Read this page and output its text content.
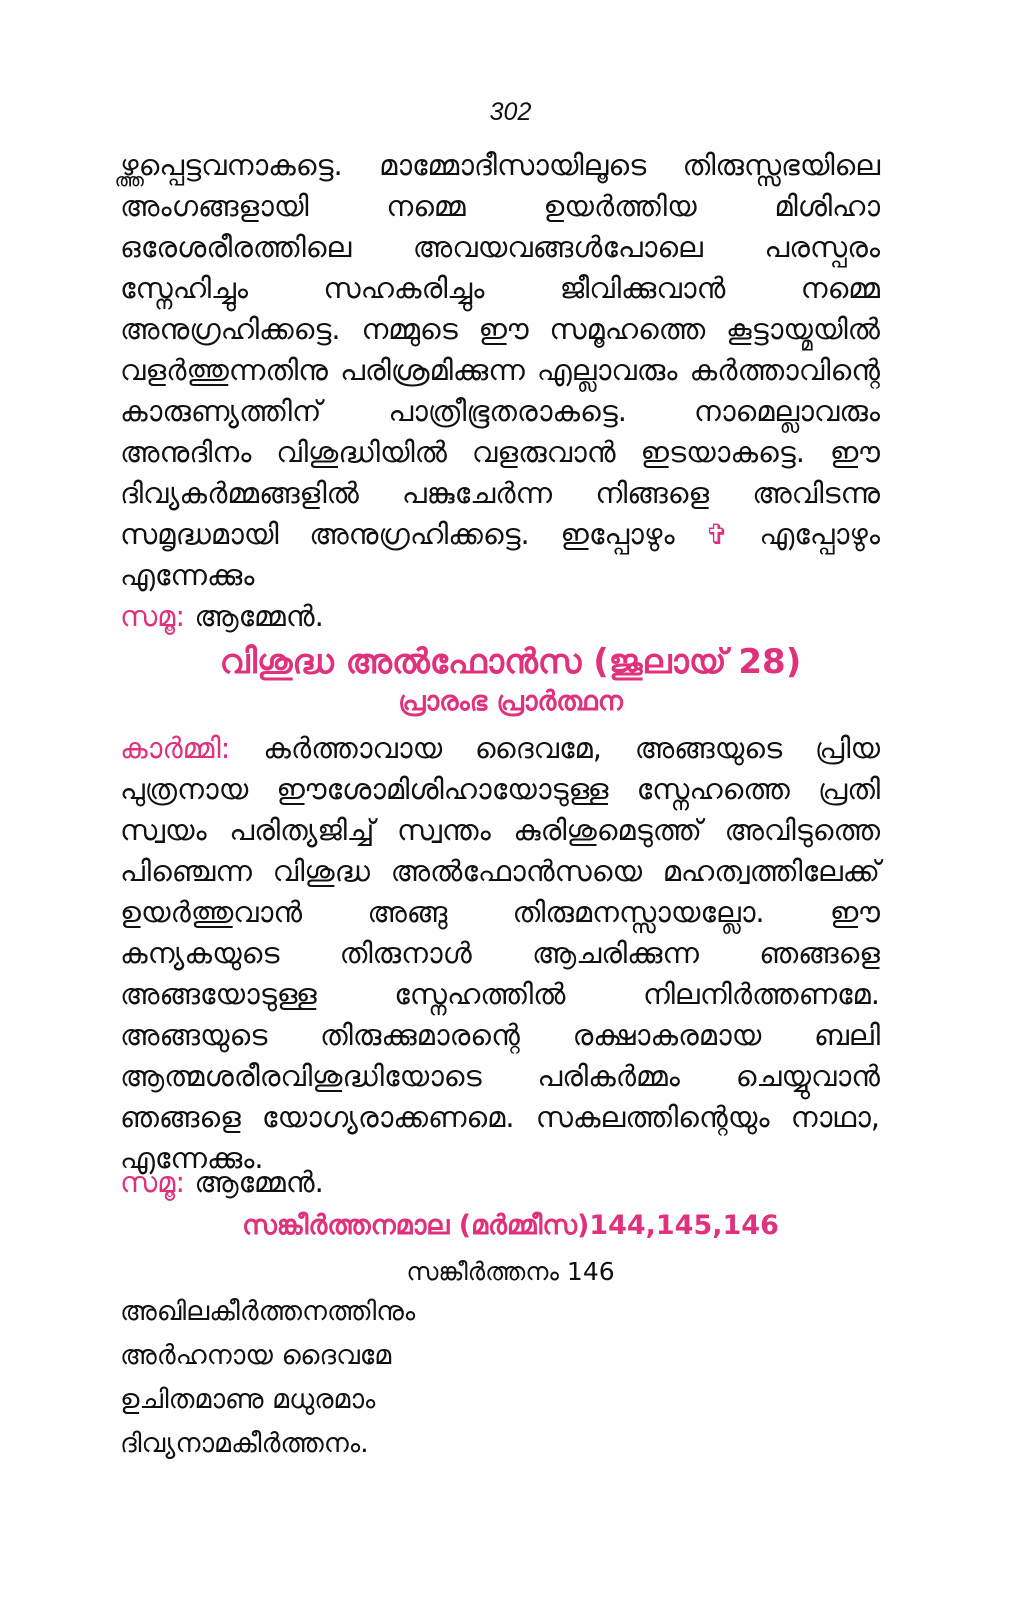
302
ഴ്ത്തപ്പെട്ടവനാകട്ടെ. മാമ്മോദീസായിലൂടെ തിരുസ്സഭയിലെ അംഗങ്ങളായി നമ്മെ ഉയർത്തിയ മിശിഹാ ഒരേശരീരത്തിലെ അവയവങ്ങൾപോലെ പരസ്പരം സ്നേഹിച്ചും സഹകരിച്ചും ജീവിക്കുവാൻ നമ്മെ അനുഗ്രഹിക്കട്ടെ. നമ്മുടെ ഈ സമൂഹത്തെ കൂട്ടായ്മയിൽ വളർത്തുന്നതിനു പരിശ്രമിക്കുന്ന എല്ലാവരും കർത്താവിന്റെ കാരുണ്യത്തിന് പാത്രീഭൂതരാകട്ടെ. നാമെല്ലാവരും അനുദിനം വിശുദ്ധിയിൽ വളരുവാൻ ഇടയാകട്ടെ. ഈ ദിവ്യകർമ്മങ്ങളിൽ പങ്കുചേർന്ന നിങ്ങളെ അവിടന്നു സമൃദ്ധമായി അനുഗ്രഹിക്കട്ടെ. ഇപ്പോഴും ✞ എപ്പോഴും എന്നേക്കും
സമൂ: ആമ്മേൻ.
വിശുദ്ധ അൽഫോൻസ (ജൂലായ് 28)
പ്രാരംഭ പ്രാർത്ഥന
കാർമ്മി: കർത്താവായ ദൈവമേ, അങ്ങയുടെ പ്രിയ പുത്രനായ ഈശോമിശിഹായോടുള്ള സ്നേഹത്തെ പ്രതി സ്വയം പരിത്യജിച്ച് സ്വന്തം കുരിശുമെടുത്ത് അവിടുത്തെ പിഞ്ചെന്ന വിശുദ്ധ അൽഫോൻസയെ മഹത്വത്തിലേക്ക് ഉയർത്തുവാൻ അങ്ങു തിരുമനസ്സായല്ലോ. ഈ കന്യകയുടെ തിരുനാൾ ആചരിക്കുന്ന ഞങ്ങളെ അങ്ങയോടുള്ള സ്നേഹത്തിൽ നിലനിർത്തണമേ. അങ്ങയുടെ തിരുക്കുമാരന്റെ രക്ഷാകരമായ ബലി ആത്മശരീരവിശുദ്ധിയോടെ പരികർമ്മം ചെയ്യുവാൻ ഞങ്ങളെ യോഗ്യരാക്കണമെ. സകലത്തിന്റെയും നാഥാ, എന്നേക്കും.
സമൂ: ആമ്മേൻ.
സങ്കീർത്തനമാല (മർമ്മീസ)144,145,146
സങ്കീർത്തനം 146
അഖിലകീർത്തനത്തിനും
അർഹനായ ദൈവമേ
ഉചിതമാണു മധുരമാം
ദിവ്യനാമകീർത്തനം.
